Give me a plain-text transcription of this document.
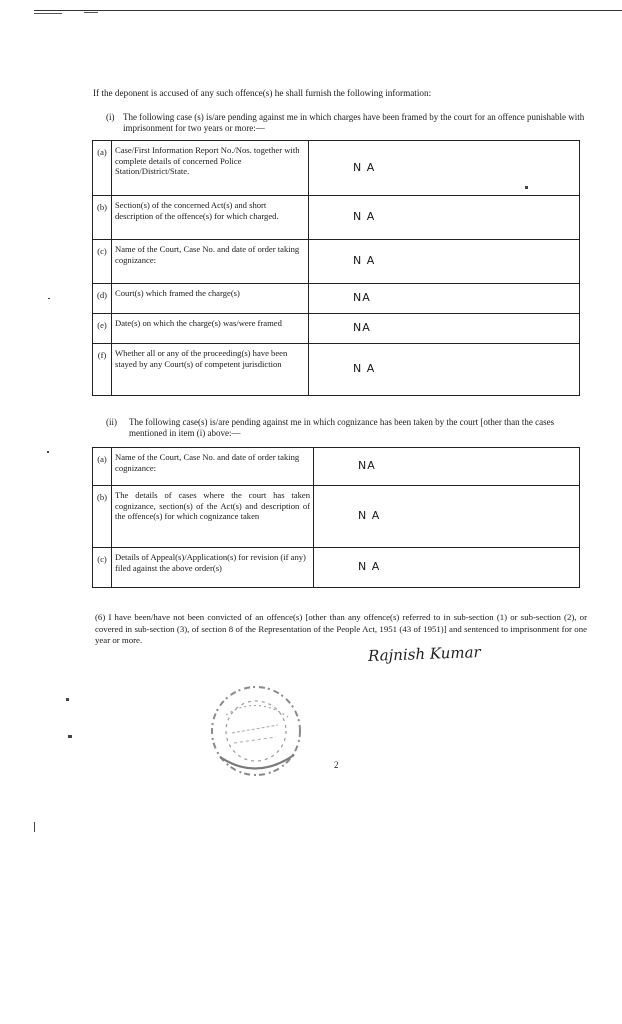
If the deponent is accused of any such offence(s) he shall furnish the following information:
(i) The following case (s) is/are pending against me in which charges have been framed by the court for an offence punishable with imprisonment for two years or more:—
(a)	Case/First Information Report No./Nos. together with complete details of concerned Police Station/District/State.	N A
(b)	Section(s) of the concerned Act(s) and short description of the offence(s) for which charged.	N A
(c)	Name of the Court, Case No. and date of order taking cognizance:	N A
(d)	Court(s) which framed the charge(s)	NA
(e)	Date(s) on which the charge(s) was/were framed	NA
(f)	Whether all or any of the proceeding(s) have been stayed by any Court(s) of competent jurisdiction	N A
(ii) The following case(s) is/are pending against me in which cognizance has been taken by the court [other than the cases mentioned in item (i) above:—
(a)	Name of the Court, Case No. and date of order taking cognizance:	NA
(b)	The details of cases where the court has taken cognizance, section(s) of the Act(s) and description of the offence(s) for which cognizance taken	N A
(c)	Details of Appeal(s)/Application(s) for revision (if any) filed against the above order(s)	N A
(6) I have been/have not been convicted of an offence(s) [other than any offence(s) referred to in sub-section (1) or sub-section (2), or covered in sub-section (3), of section 8 of the Representation of the People Act, 1951 (43 of 1951)] and sentenced to imprisonment for one year or more.
Rajnish Kumar
2
